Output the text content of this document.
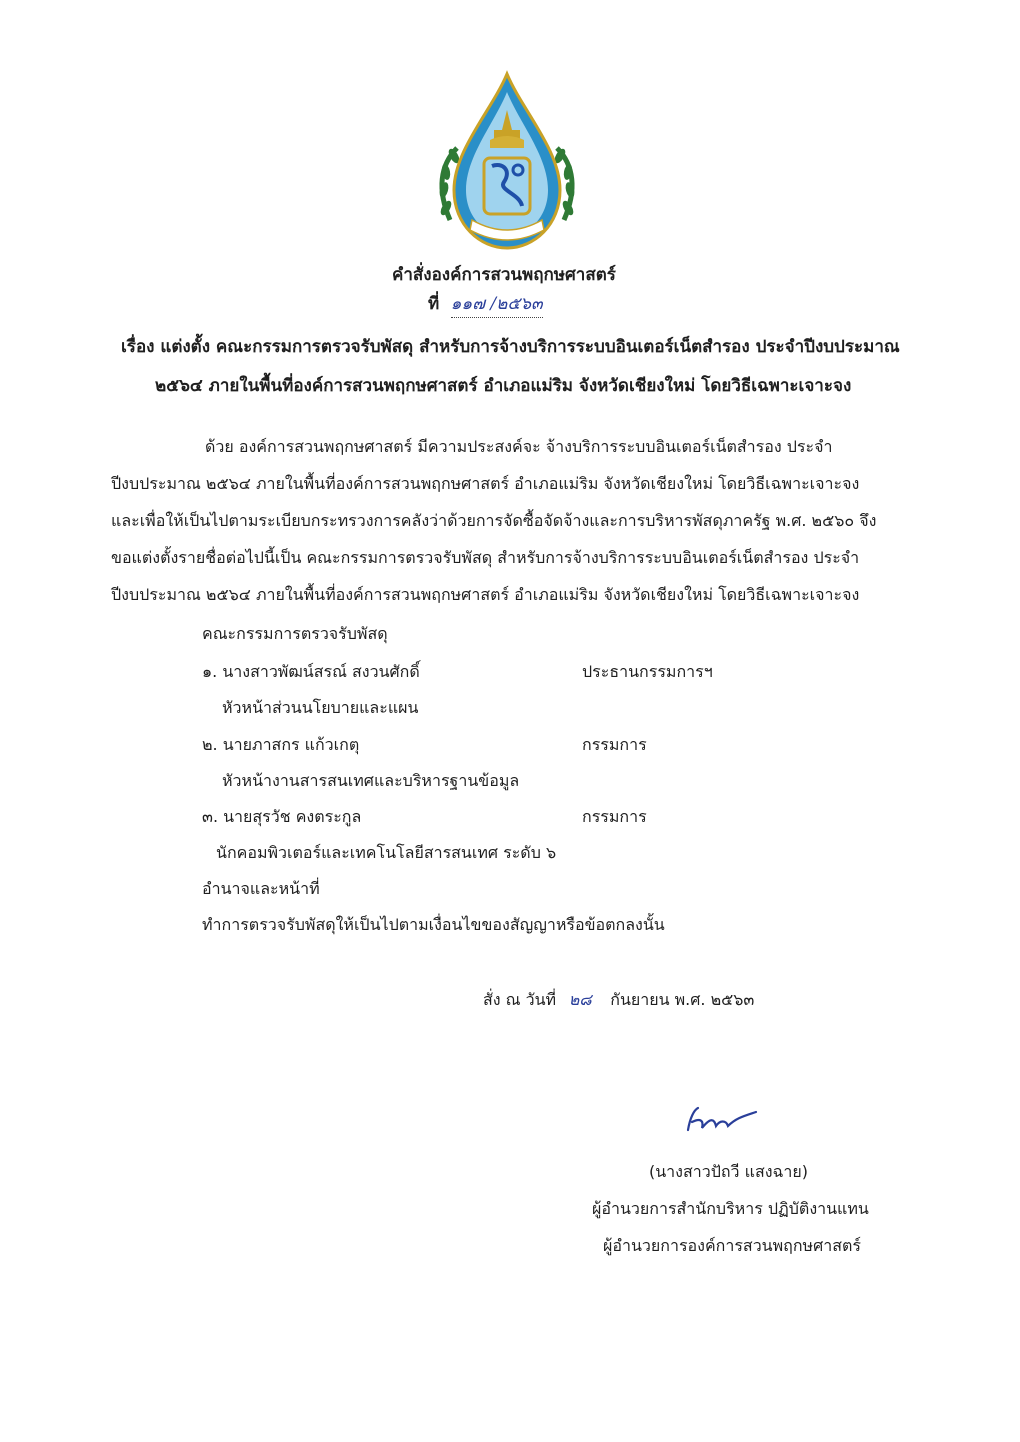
คำสั่งองค์การสวนพฤกษศาสตร์
ที่ ๑๑๗ /๒๕๖๓
เรื่อง แต่งตั้ง คณะกรรมการตรวจรับพัสดุ สำหรับการจ้างบริการระบบอินเตอร์เน็ตสำรอง ประจำปีงบประมาณ
๒๕๖๔ ภายในพื้นที่องค์การสวนพฤกษศาสตร์ อำเภอแม่ริม จังหวัดเชียงใหม่ โดยวิธีเฉพาะเจาะจง
ด้วย องค์การสวนพฤกษศาสตร์ มีความประสงค์จะ จ้างบริการระบบอินเตอร์เน็ตสำรอง ประจำ
ปีงบประมาณ ๒๕๖๔ ภายในพื้นที่องค์การสวนพฤกษศาสตร์ อำเภอแม่ริม จังหวัดเชียงใหม่ โดยวิธีเฉพาะเจาะจง
และเพื่อให้เป็นไปตามระเบียบกระทรวงการคลังว่าด้วยการจัดซื้อจัดจ้างและการบริหารพัสดุภาครัฐ พ.ศ. ๒๕๖๐ จึง
ขอแต่งตั้งรายชื่อต่อไปนี้เป็น คณะกรรมการตรวจรับพัสดุ สำหรับการจ้างบริการระบบอินเตอร์เน็ตสำรอง ประจำ
ปีงบประมาณ ๒๕๖๔ ภายในพื้นที่องค์การสวนพฤกษศาสตร์ อำเภอแม่ริม จังหวัดเชียงใหม่ โดยวิธีเฉพาะเจาะจง
คณะกรรมการตรวจรับพัสดุ
๑. นางสาวพัฒน์สรณ์ สงวนศักดิ์	ประธานกรรมการฯ
หัวหน้าส่วนนโยบายและแผน
๒. นายภาสกร แก้วเกตุ	กรรมการ
หัวหน้างานสารสนเทศและบริหารฐานข้อมูล
๓. นายสุรวัช คงตระกูล	กรรมการ
นักคอมพิวเตอร์และเทคโนโลยีสารสนเทศ ระดับ ๖
อำนาจและหน้าที่
ทำการตรวจรับพัสดุให้เป็นไปตามเงื่อนไขของสัญญาหรือข้อตกลงนั้น
สั่ง ณ วันที่ ๒๘ กันยายน พ.ศ. ๒๕๖๓
(นางสาวปัถวี แสงฉาย)
ผู้อำนวยการสำนักบริหาร ปฏิบัติงานแทน
ผู้อำนวยการองค์การสวนพฤกษศาสตร์
